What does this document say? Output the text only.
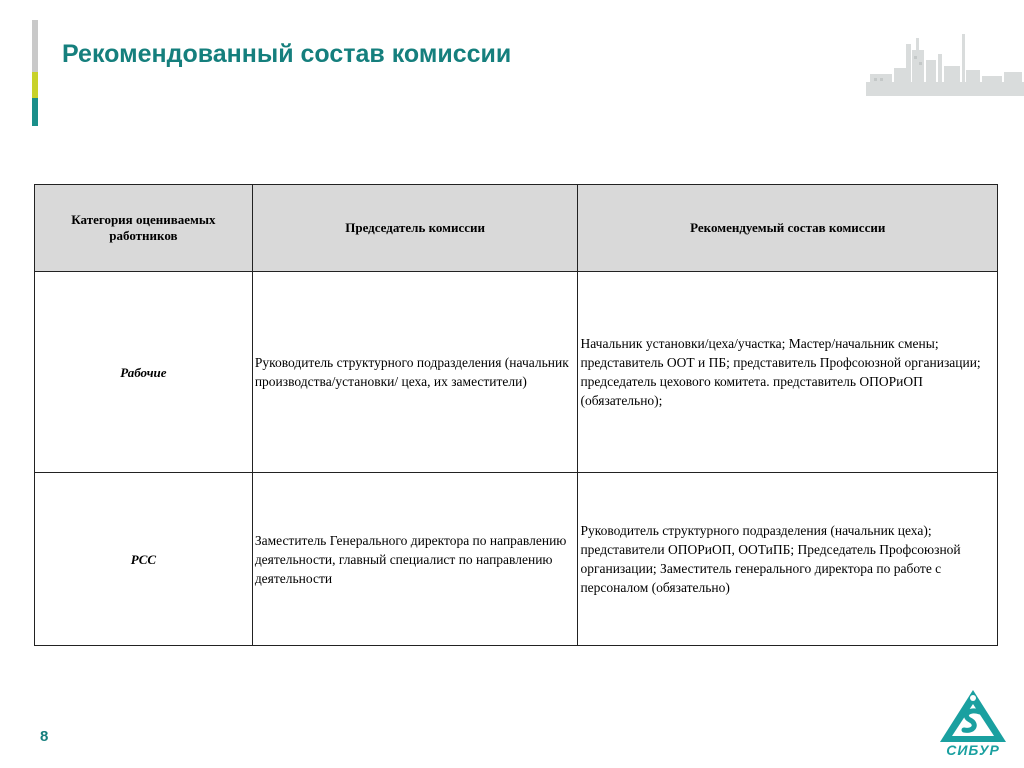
Рекомендованный состав комиссии
Категория оцениваемых работников	Председатель комиссии	Рекомендуемый состав комиссии
Рабочие	Руководитель структурного подразделения (начальник производства/установки/ цеха, их заместители)	Начальник установки/цеха/участка; Мастер/начальник смены; представитель ООТ и ПБ; представитель Профсоюзной организации; председатель цехового комитета. представитель ОПОРиОП (обязательно);
РСС	Заместитель Генерального директора по направлению деятельности, главный специалист по направлению деятельности	Руководитель структурного подразделения (начальник цеха); представители ОПОРиОП, ООТиПБ; Председатель Профсоюзной организации; Заместитель генерального директора по работе с персоналом (обязательно)
8
СИБУР
